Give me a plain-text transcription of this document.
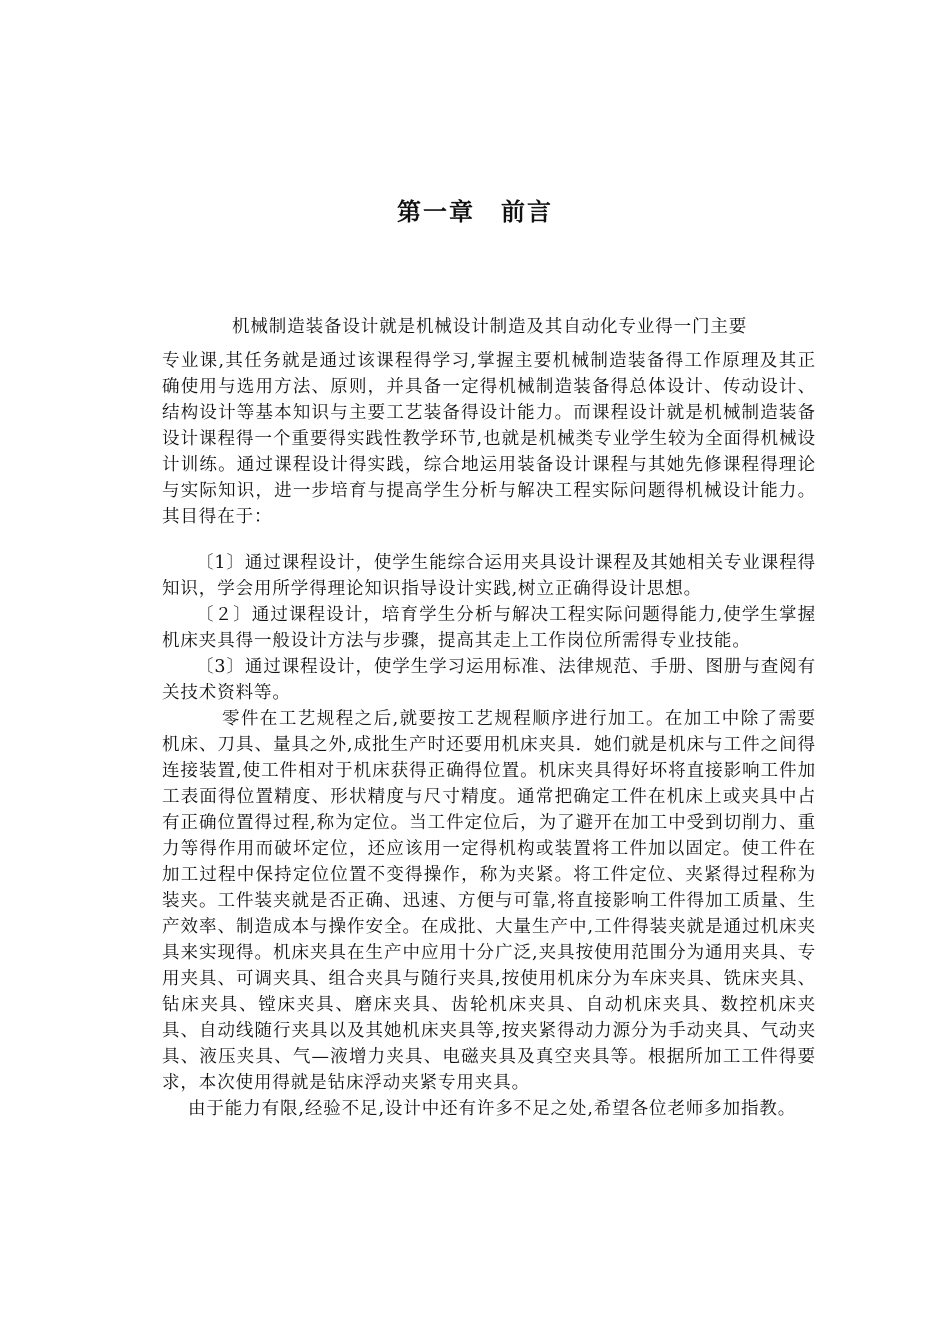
第一章　前言

机械制造装备设计就是机械设计制造及其自动化专业得一门主要

专业课,其任务就是通过该课程得学习,掌握主要机械制造装备得工作原理及其正确使用与选用方法、原则，并具备一定得机械制造装备得总体设计、传动设计、结构设计等基本知识与主要工艺装备得设计能力。而课程设计就是机械制造装备设计课程得一个重要得实践性教学环节,也就是机械类专业学生较为全面得机械设计训练。通过课程设计得实践，综合地运用装备设计课程与其她先修课程得理论与实际知识，进一步培育与提高学生分析与解决工程实际问题得机械设计能力。其目得在于：

〔1〕通过课程设计，使学生能综合运用夹具设计课程及其她相关专业课程得知识，学会用所学得理论知识指导设计实践,树立正确得设计思想。

〔２〕通过课程设计，培育学生分析与解决工程实际问题得能力,使学生掌握机床夹具得一般设计方法与步骤，提高其走上工作岗位所需得专业技能。

〔3〕通过课程设计，使学生学习运用标准、法律规范、手册、图册与查阅有关技术资料等。

零件在工艺规程之后,就要按工艺规程顺序进行加工。在加工中除了需要机床、刀具、量具之外,成批生产时还要用机床夹具．她们就是机床与工件之间得连接装置,使工件相对于机床获得正确得位置。机床夹具得好坏将直接影响工件加工表面得位置精度、形状精度与尺寸精度。通常把确定工件在机床上或夹具中占有正确位置得过程,称为定位。当工件定位后，为了避开在加工中受到切削力、重力等得作用而破坏定位，还应该用一定得机构或装置将工件加以固定。使工件在加工过程中保持定位位置不变得操作，称为夹紧。将工件定位、夹紧得过程称为装夹。工件装夹就是否正确、迅速、方便与可靠,将直接影响工件得加工质量、生产效率、制造成本与操作安全。在成批、大量生产中,工件得装夹就是通过机床夹具来实现得。机床夹具在生产中应用十分广泛,夹具按使用范围分为通用夹具、专用夹具、可调夹具、组合夹具与随行夹具,按使用机床分为车床夹具、铣床夹具、钻床夹具、镗床夹具、磨床夹具、齿轮机床夹具、自动机床夹具、数控机床夹具、自动线随行夹具以及其她机床夹具等,按夹紧得动力源分为手动夹具、气动夹具、液压夹具、气—液增力夹具、电磁夹具及真空夹具等。根据所加工工件得要求，本次使用得就是钻床浮动夹紧专用夹具。

由于能力有限,经验不足,设计中还有许多不足之处,希望各位老师多加指教。
